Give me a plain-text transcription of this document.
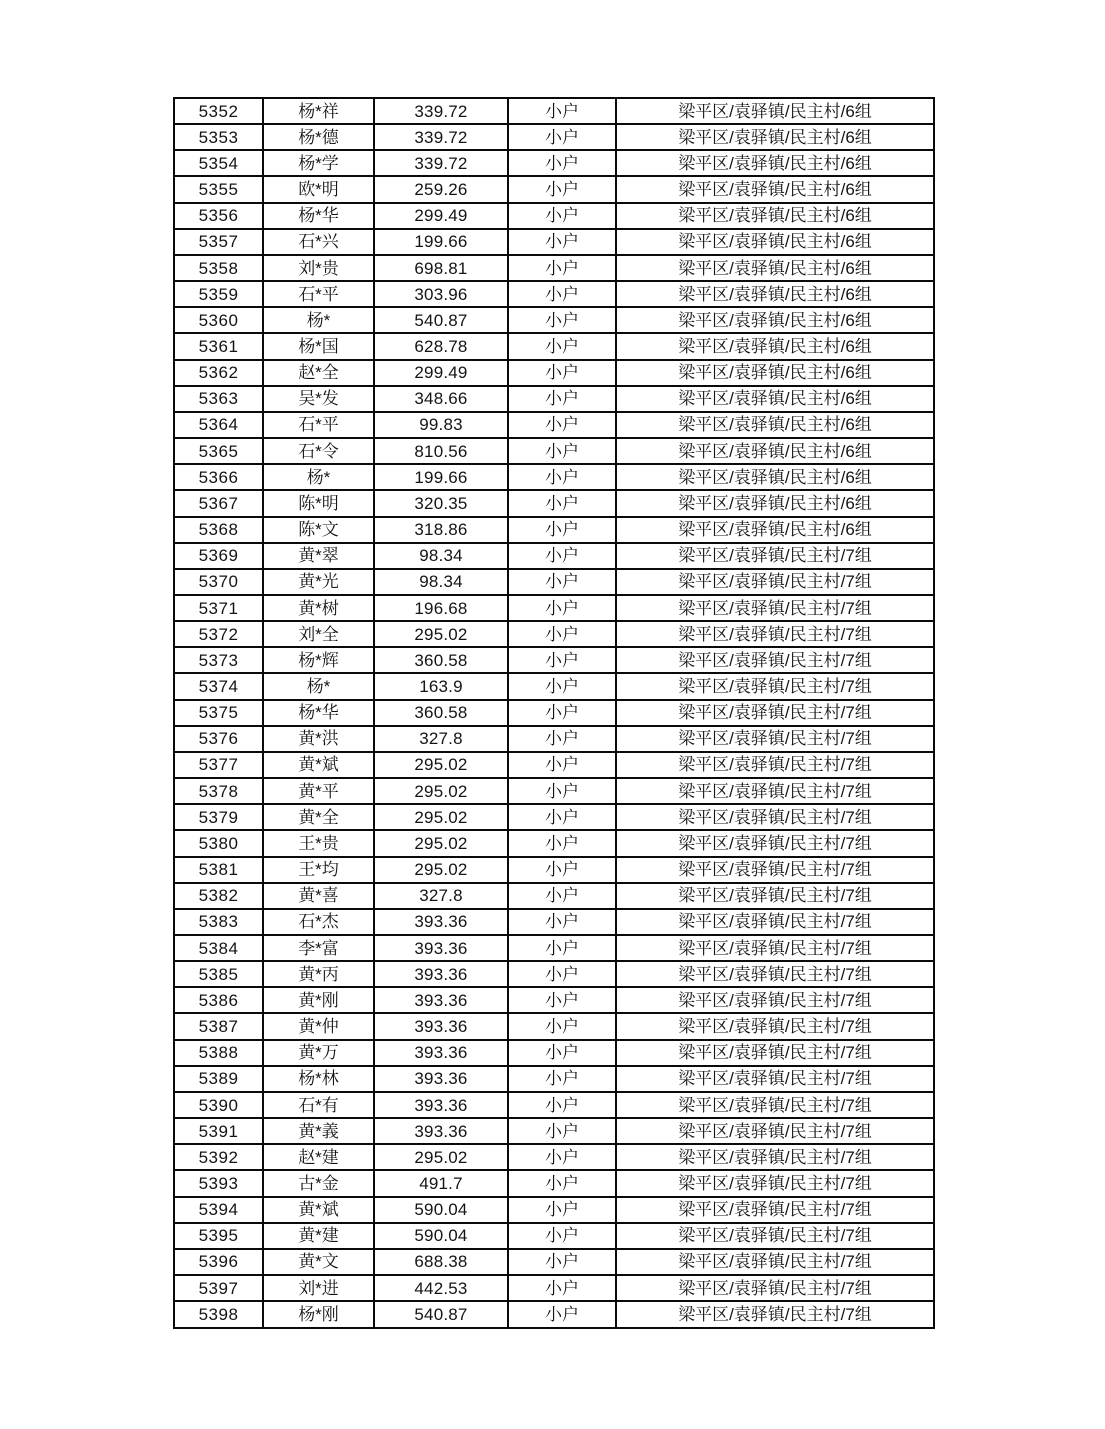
5352	杨*祥	339.72	小户	梁平区/袁驿镇/民主村/6组
5353	杨*德	339.72	小户	梁平区/袁驿镇/民主村/6组
5354	杨*学	339.72	小户	梁平区/袁驿镇/民主村/6组
5355	欧*明	259.26	小户	梁平区/袁驿镇/民主村/6组
5356	杨*华	299.49	小户	梁平区/袁驿镇/民主村/6组
5357	石*兴	199.66	小户	梁平区/袁驿镇/民主村/6组
5358	刘*贵	698.81	小户	梁平区/袁驿镇/民主村/6组
5359	石*平	303.96	小户	梁平区/袁驿镇/民主村/6组
5360	杨*	540.87	小户	梁平区/袁驿镇/民主村/6组
5361	杨*国	628.78	小户	梁平区/袁驿镇/民主村/6组
5362	赵*全	299.49	小户	梁平区/袁驿镇/民主村/6组
5363	吴*发	348.66	小户	梁平区/袁驿镇/民主村/6组
5364	石*平	99.83	小户	梁平区/袁驿镇/民主村/6组
5365	石*令	810.56	小户	梁平区/袁驿镇/民主村/6组
5366	杨*	199.66	小户	梁平区/袁驿镇/民主村/6组
5367	陈*明	320.35	小户	梁平区/袁驿镇/民主村/6组
5368	陈*文	318.86	小户	梁平区/袁驿镇/民主村/6组
5369	黄*翠	98.34	小户	梁平区/袁驿镇/民主村/7组
5370	黄*光	98.34	小户	梁平区/袁驿镇/民主村/7组
5371	黄*树	196.68	小户	梁平区/袁驿镇/民主村/7组
5372	刘*全	295.02	小户	梁平区/袁驿镇/民主村/7组
5373	杨*辉	360.58	小户	梁平区/袁驿镇/民主村/7组
5374	杨*	163.9	小户	梁平区/袁驿镇/民主村/7组
5375	杨*华	360.58	小户	梁平区/袁驿镇/民主村/7组
5376	黄*洪	327.8	小户	梁平区/袁驿镇/民主村/7组
5377	黄*斌	295.02	小户	梁平区/袁驿镇/民主村/7组
5378	黄*平	295.02	小户	梁平区/袁驿镇/民主村/7组
5379	黄*全	295.02	小户	梁平区/袁驿镇/民主村/7组
5380	王*贵	295.02	小户	梁平区/袁驿镇/民主村/7组
5381	王*均	295.02	小户	梁平区/袁驿镇/民主村/7组
5382	黄*喜	327.8	小户	梁平区/袁驿镇/民主村/7组
5383	石*杰	393.36	小户	梁平区/袁驿镇/民主村/7组
5384	李*富	393.36	小户	梁平区/袁驿镇/民主村/7组
5385	黄*丙	393.36	小户	梁平区/袁驿镇/民主村/7组
5386	黄*刚	393.36	小户	梁平区/袁驿镇/民主村/7组
5387	黄*仲	393.36	小户	梁平区/袁驿镇/民主村/7组
5388	黄*万	393.36	小户	梁平区/袁驿镇/民主村/7组
5389	杨*林	393.36	小户	梁平区/袁驿镇/民主村/7组
5390	石*有	393.36	小户	梁平区/袁驿镇/民主村/7组
5391	黄*義	393.36	小户	梁平区/袁驿镇/民主村/7组
5392	赵*建	295.02	小户	梁平区/袁驿镇/民主村/7组
5393	古*金	491.7	小户	梁平区/袁驿镇/民主村/7组
5394	黄*斌	590.04	小户	梁平区/袁驿镇/民主村/7组
5395	黄*建	590.04	小户	梁平区/袁驿镇/民主村/7组
5396	黄*文	688.38	小户	梁平区/袁驿镇/民主村/7组
5397	刘*进	442.53	小户	梁平区/袁驿镇/民主村/7组
5398	杨*刚	540.87	小户	梁平区/袁驿镇/民主村/7组
